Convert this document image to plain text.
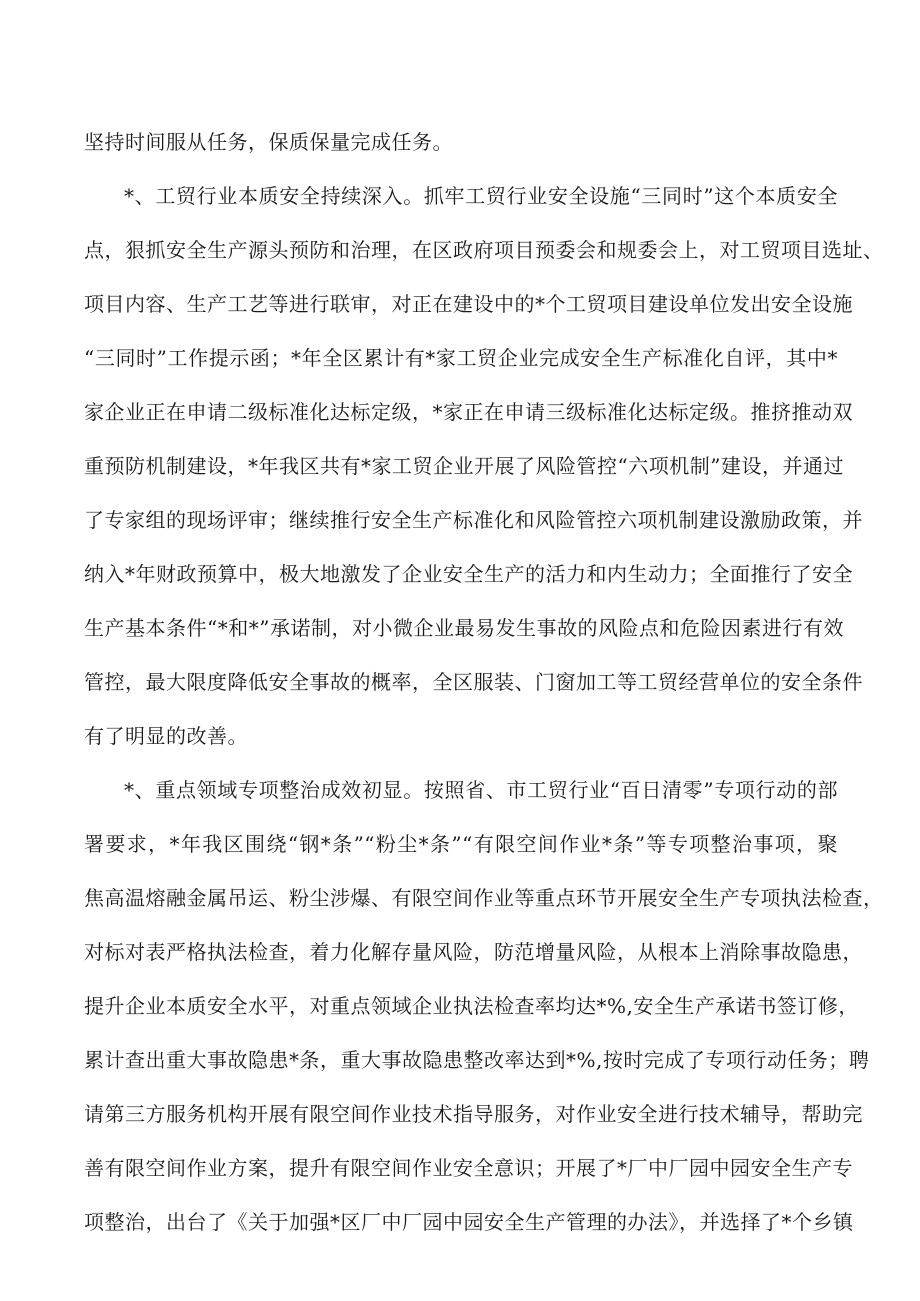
坚持时间服从任务，保质保量完成任务。
*、工贸行业本质安全持续深入。抓牢工贸行业安全设施“三同时”这个本质安全
点，狠抓安全生产源头预防和治理，在区政府项目预委会和规委会上，对工贸项目选址、
项目内容、生产工艺等进行联审，对正在建设中的*个工贸项目建设单位发出安全设施
“三同时”工作提示函；*年全区累计有*家工贸企业完成安全生产标准化自评，其中*
家企业正在申请二级标准化达标定级，*家正在申请三级标准化达标定级。推挤推动双
重预防机制建设，*年我区共有*家工贸企业开展了风险管控“六项机制”建设，并通过
了专家组的现场评审；继续推行安全生产标准化和风险管控六项机制建设激励政策，并
纳入*年财政预算中，极大地激发了企业安全生产的活力和内生动力；全面推行了安全
生产基本条件“*和*”承诺制，对小微企业最易发生事故的风险点和危险因素进行有效
管控，最大限度降低安全事故的概率，全区服装、门窗加工等工贸经营单位的安全条件
有了明显的改善。
*、重点领域专项整治成效初显。按照省、市工贸行业“百日清零”专项行动的部
署要求，*年我区围绕“钢*条”“粉尘*条”“有限空间作业*条”等专项整治事项，聚
焦高温熔融金属吊运、粉尘涉爆、有限空间作业等重点环节开展安全生产专项执法检查，
对标对表严格执法检查，着力化解存量风险，防范增量风险，从根本上消除事故隐患，
提升企业本质安全水平，对重点领域企业执法检查率均达*%,安全生产承诺书签订修，
累计查出重大事故隐患*条，重大事故隐患整改率达到*%,按时完成了专项行动任务；聘
请第三方服务机构开展有限空间作业技术指导服务，对作业安全进行技术辅导，帮助完
善有限空间作业方案，提升有限空间作业安全意识；开展了*厂中厂园中园安全生产专
项整治，出台了《关于加强*区厂中厂园中园安全生产管理的办法》，并选择了*个乡镇
